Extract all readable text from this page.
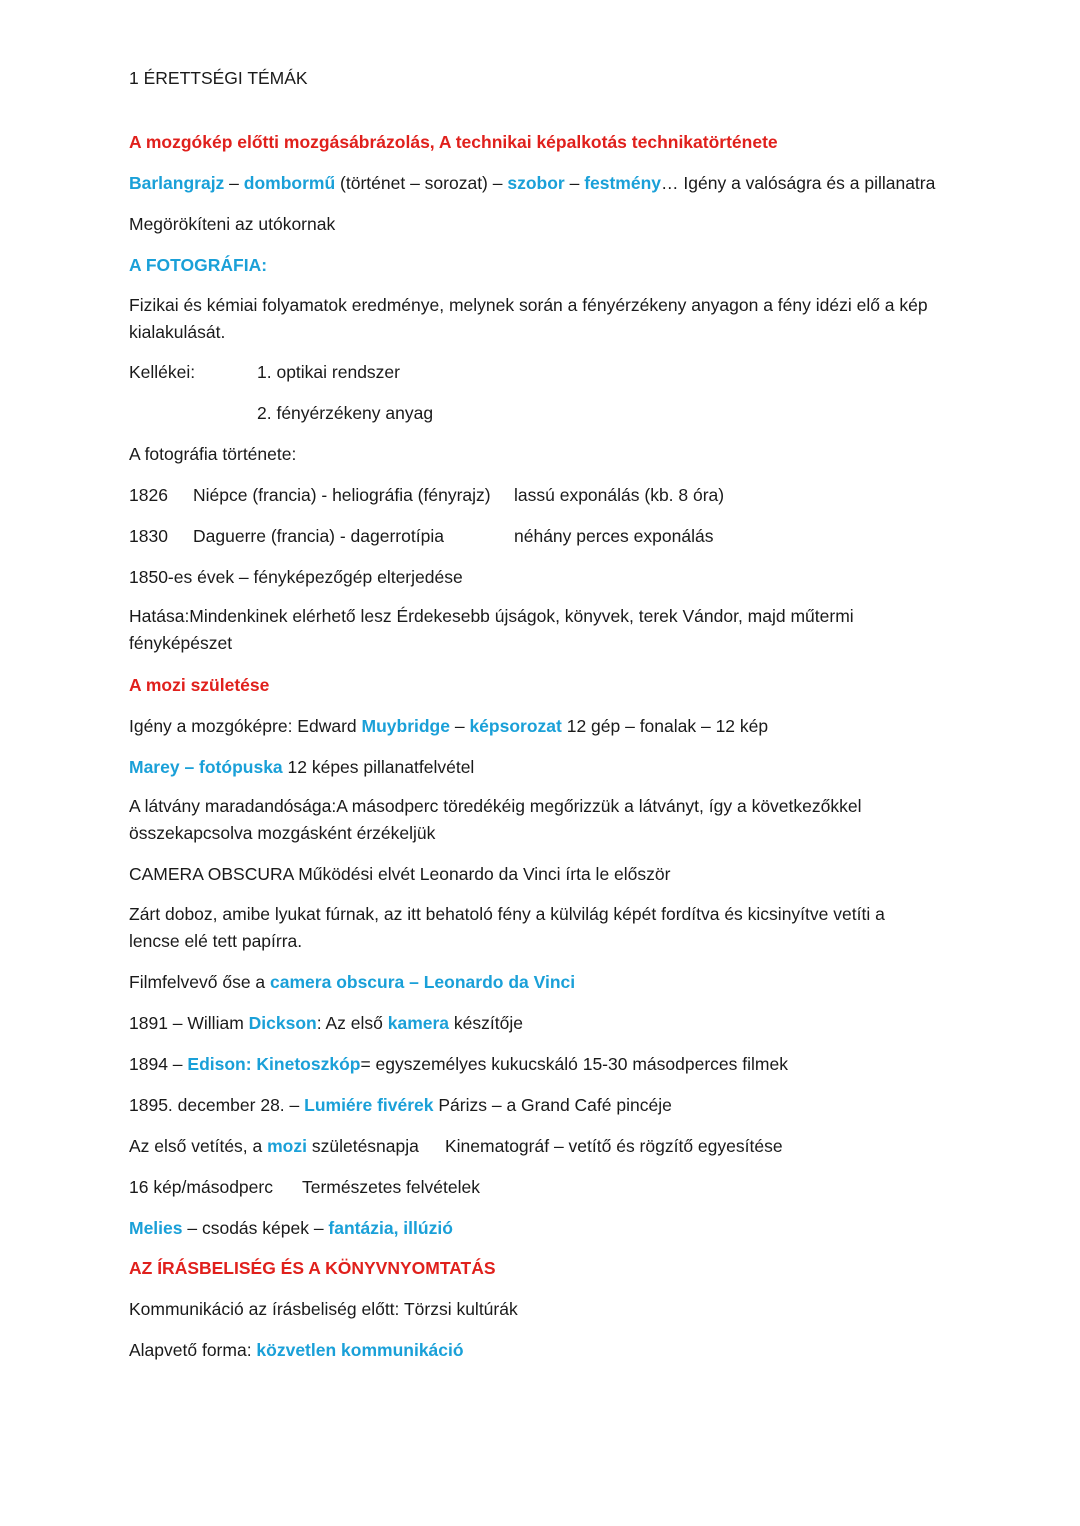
1 ÉRETTSÉGI TÉMÁK
A mozgókép előtti mozgásábrázolás, A technikai képalkotás technikatörténete
Barlangrajz – dombormű (történet – sorozat) – szobor – festmény… Igény a valóságra és a pillanatra
Megörökíteni az utókornak
A FOTOGRÁFIA:
Fizikai és kémiai folyamatok eredménye, melynek során a fényérzékeny anyagon a fény idézi elő a kép kialakulását.
Kellékei:	1. optikai rendszer
2. fényérzékeny anyag
A fotográfia története:
1826 Niépce (francia) - heliográfia (fényrajz) lassú exponálás (kb. 8 óra)
1830 Daguerre (francia) - dagerrotípia	néhány perces exponálás
1850-es évek – fényképezőgép elterjedése
Hatása:Mindenkinek elérhető lesz Érdekesebb újságok, könyvek, terek Vándor, majd műtermi fényképészet
A mozi születése
Igény a mozgóképre: Edward Muybridge – képsorozat 12 gép – fonalak – 12 kép
Marey – fotópuska 12 képes pillanatfelvétel
A látvány maradandósága:A másodperc töredékéig megőrizzük a látványt, így a következőkkel összekapcsolva mozgásként érzékeljük
CAMERA OBSCURA Működési elvét Leonardo da Vinci írta le először
Zárt doboz, amibe lyukat fúrnak, az itt behatoló fény a külvilág képét fordítva és kicsinyítve vetíti a lencse elé tett papírra.
Filmfelvevő őse a camera obscura – Leonardo da Vinci
1891 – William Dickson: Az első kamera készítője
1894 – Edison: Kinetoszkóp= egyszemélyes kukucskáló 15-30 másodperces filmek
1895. december 28. – Lumiére fivérek Párizs – a Grand Café pincéje
Az első vetítés, a mozi születésnapja Kinematográf – vetítő és rögzítő egyesítése
16 kép/másodperc Természetes felvételek
Melies – csodás képek – fantázia, illúzió
AZ ÍRÁSBELISÉG ÉS A KÖNYVNYOMTATÁS
Kommunikáció az írásbeliség előtt: Törzsi kultúrák
Alapvető forma: közvetlen kommunikáció
